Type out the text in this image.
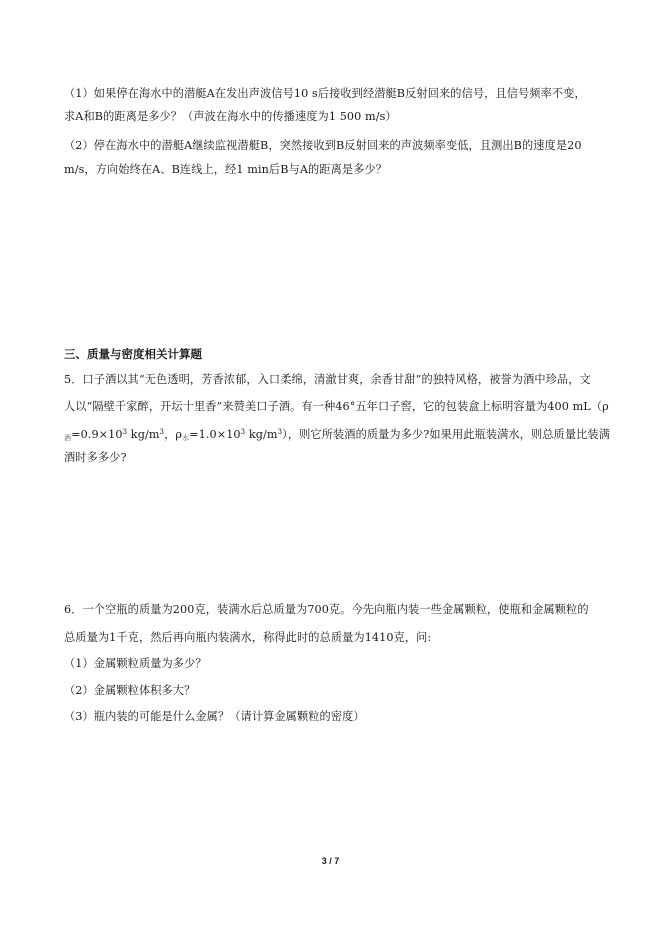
（1）如果停在海水中的潜艇A在发出声波信号10 s后接收到经潜艇B反射回来的信号，且信号频率不变，
求A和B的距离是多少？（声波在海水中的传播速度为1 500 m/s）
（2）停在海水中的潜艇A继续监视潜艇B，突然接收到B反射回来的声波频率变低，且测出B的速度是20
m/s，方向始终在A、B连线上，经1 min后B与A的距离是多少？
三、质量与密度相关计算题
5．口子酒以其“无色透明，芳香浓郁，入口柔绵，清澈甘爽，余香甘甜”的独特风格，被誉为酒中珍品，文
人以“隔壁千家醉，开坛十里香”来赞美口子酒。有一种46°五年口子窖，它的包装盒上标明容量为400 mL（ρ
$_酒=0.9\times 10^3$ $kg/m^3$，$\rho_水=1.0\times 10^3$ $kg/m^3$），则它所装酒的质量为多少?如果用此瓶装满水，则总质量比装满
酒时多多少?
6．一个空瓶的质量为200克，装满水后总质量为700克。今先向瓶内装一些金属颗粒，使瓶和金属颗粒的
总质量为1千克，然后再向瓶内装满水，称得此时的总质量为1410克，问:
（1）金属颗粒质量为多少？
（2）金属颗粒体积多大？
（3）瓶内装的可能是什么金属？（请计算金属颗粒的密度）
3 / 7
